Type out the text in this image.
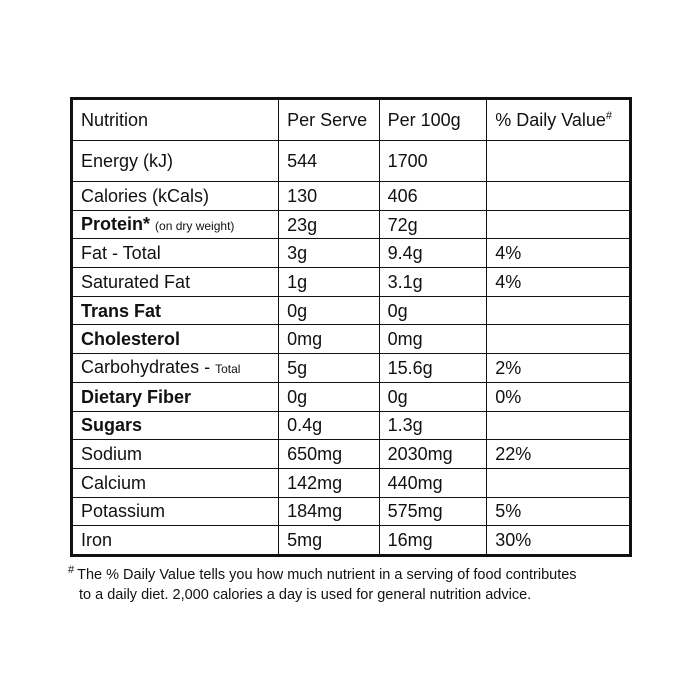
Nutrition	Per Serve	Per 100g	% Daily Value#
Energy (kJ)	544	1700	
Calories (kCals)	130	406	
Protein* (on dry weight)	23g	72g	
Fat - Total	3g	9.4g	4%
Saturated Fat	1g	3.1g	4%
Trans Fat	0g	0g	
Cholesterol	0mg	0mg	
Carbohydrates - Total	5g	15.6g	2%
Dietary Fiber	0g	0g	0%
Sugars	0.4g	1.3g	
Sodium	650mg	2030mg	22%
Calcium	142mg	440mg	
Potassium	184mg	575mg	5%
Iron	5mg	16mg	30%
# The % Daily Value tells you how much nutrient in a serving of food contributes
to a daily diet. 2,000 calories a day is used for general nutrition advice.
